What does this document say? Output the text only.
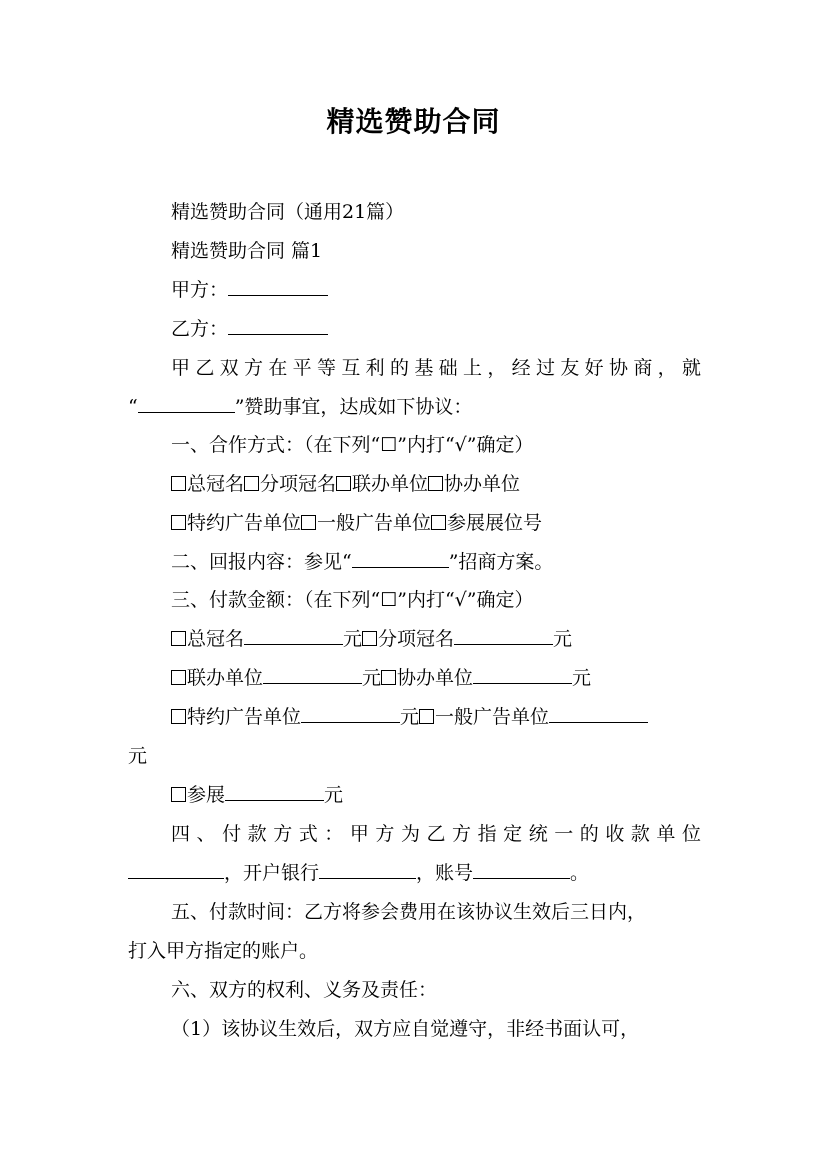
精选赞助合同
精选赞助合同（通用21篇）
精选赞助合同 篇1
甲方：
乙方：
甲乙双方在平等互利的基础上，经过友好协商，就
“	”赞助事宜，达成如下协议：
一、合作方式：（在下列“☐”内打“√”确定）
总冠名 分项冠名 联办单位 协办单位
特约广告单位 一般广告单位 参展展位号
二、回报内容：参见“	”招商方案。
三、付款金额：（在下列“☐”内打“√”确定）
总冠名	元 分项冠名	元
联办单位	元 协办单位	元
特约广告单位	元 一般广告单位
元
参展	元
四、付款方式：甲方为乙方指定统一的收款单位
，开户银行	，账号	。
五、付款时间：乙方将参会费用在该协议生效后三日内，
打入甲方指定的账户。
六、双方的权利、义务及责任：
（1）该协议生效后，双方应自觉遵守，非经书面认可，
